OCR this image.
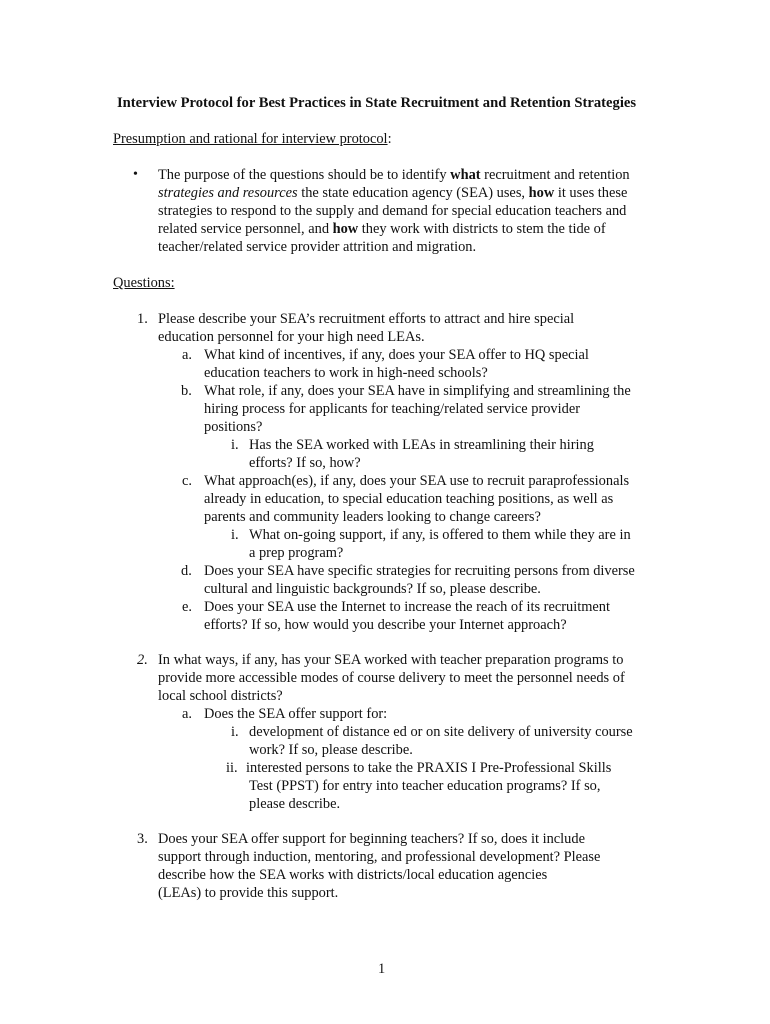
Interview Protocol for Best Practices in State Recruitment and Retention Strategies

Presumption and rational for interview protocol:

• The purpose of the questions should be to identify what recruitment and retention

strategies and resources the state education agency (SEA) uses, how it uses these

strategies to respond to the supply and demand for special education teachers and

related service personnel, and how they work with districts to stem the tide of

teacher/related service provider attrition and migration.

Questions:

1. Please describe your SEA’s recruitment efforts to attract and hire special

education personnel for your high need LEAs.

a. What kind of incentives, if any, does your SEA offer to HQ special

education teachers to work in high-need schools?

b. What role, if any, does your SEA have in simplifying and streamlining the

hiring process for applicants for teaching/related service provider

positions?

i. Has the SEA worked with LEAs in streamlining their hiring

efforts? If so, how?

c. What approach(es), if any, does your SEA use to recruit paraprofessionals

already in education, to special education teaching positions, as well as

parents and community leaders looking to change careers?

i. What on-going support, if any, is offered to them while they are in

a prep program?

d. Does your SEA have specific strategies for recruiting persons from diverse

cultural and linguistic backgrounds? If so, please describe.

e. Does your SEA use the Internet to increase the reach of its recruitment

efforts? If so, how would you describe your Internet approach?

2. In what ways, if any, has your SEA worked with teacher preparation programs to

provide more accessible modes of course delivery to meet the personnel needs of

local school districts?

a. Does the SEA offer support for:

i. development of distance ed or on site delivery of university course

work? If so, please describe.

ii. interested persons to take the PRAXIS I Pre-Professional Skills

Test (PPST) for entry into teacher education programs? If so,

please describe.

3. Does your SEA offer support for beginning teachers? If so, does it include

support through induction, mentoring, and professional development? Please

describe how the SEA works with districts/local education agencies

(LEAs) to provide this support.

1
